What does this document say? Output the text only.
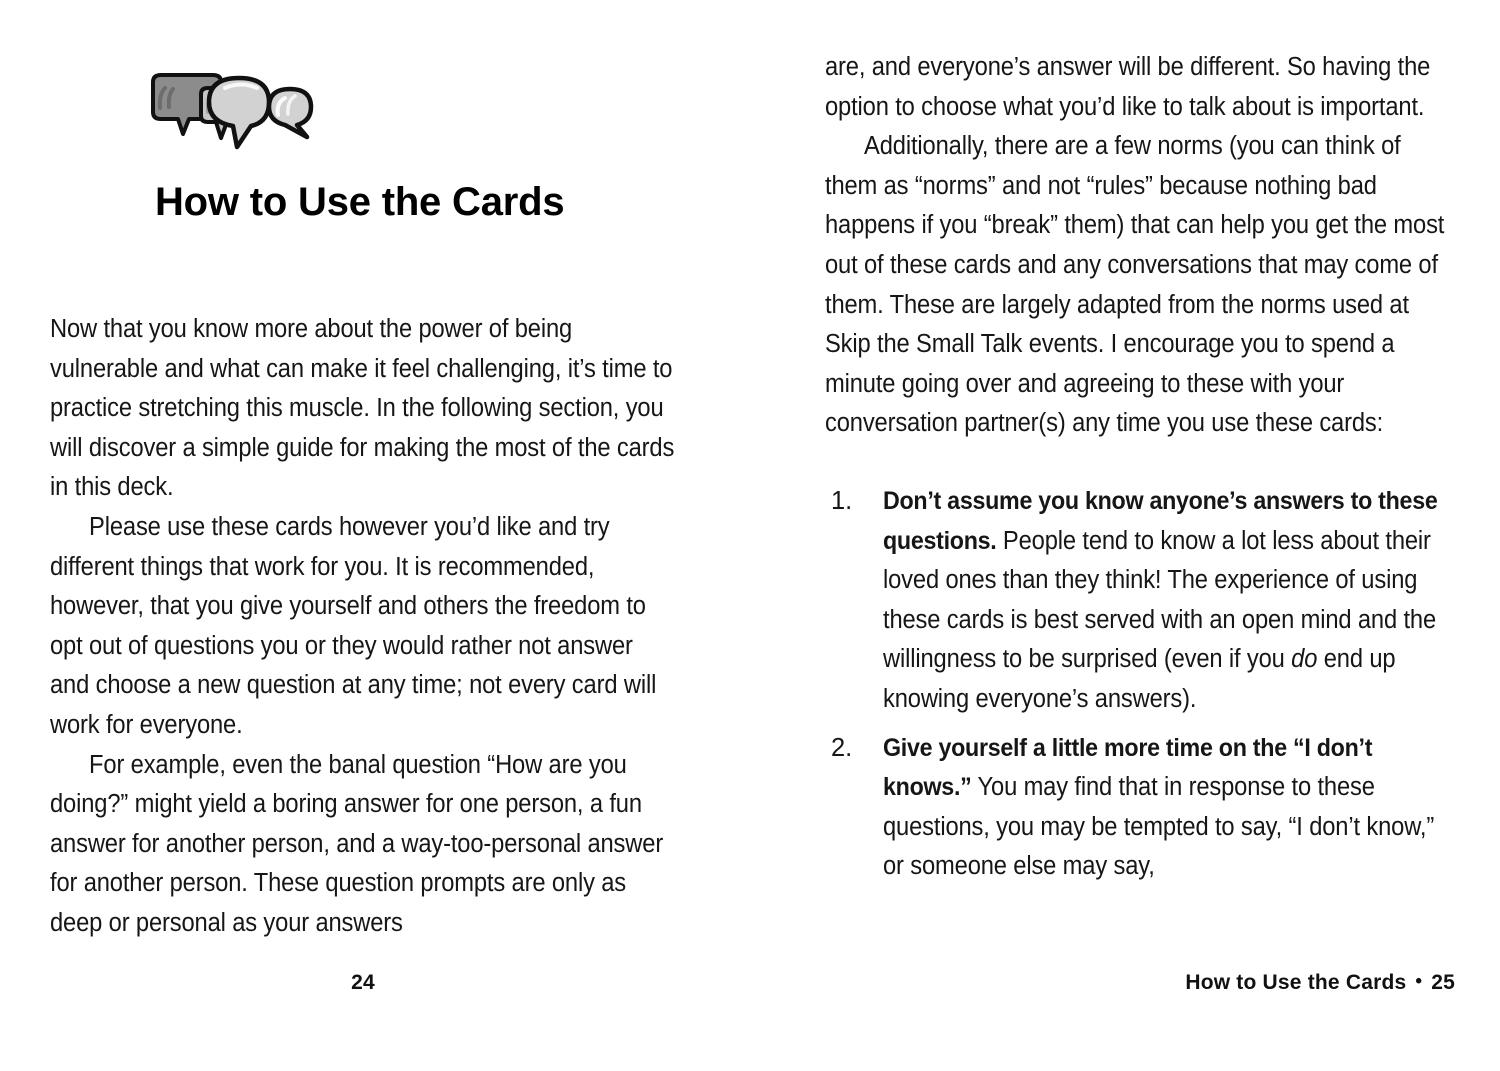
How to Use the Cards

Now that you know more about the power of being vulnerable and what can make it feel challenging, it’s time to practice stretching this muscle. In the following section, you will discover a simple guide for making the most of the cards in this deck.

Please use these cards however you’d like and try different things that work for you. It is recommended, however, that you give yourself and others the freedom to opt out of questions you or they would rather not answer and choose a new question at any time; not every card will work for everyone.

For example, even the banal question “How are you doing?” might yield a boring answer for one person, a fun answer for another person, and a way-too-personal answer for another person. These question prompts are only as deep or personal as your answers

24

are, and everyone’s answer will be different. So having the option to choose what you’d like to talk about is important.

Additionally, there are a few norms (you can think of them as “norms” and not “rules” because nothing bad happens if you “break” them) that can help you get the most out of these cards and any conversations that may come of them. These are largely adapted from the norms used at Skip the Small Talk events. I encourage you to spend a minute going over and agreeing to these with your conversation partner(s) any time you use these cards:

1. Don’t assume you know anyone’s answers to these questions. People tend to know a lot less about their loved ones than they think! The experience of using these cards is best served with an open mind and the willingness to be surprised (even if you do end up knowing everyone’s answers).
2. Give yourself a little more time on the “I don’t knows.” You may find that in response to these questions, you may be tempted to say, “I don’t know,” or someone else may say,
How to Use the Cards • 25
